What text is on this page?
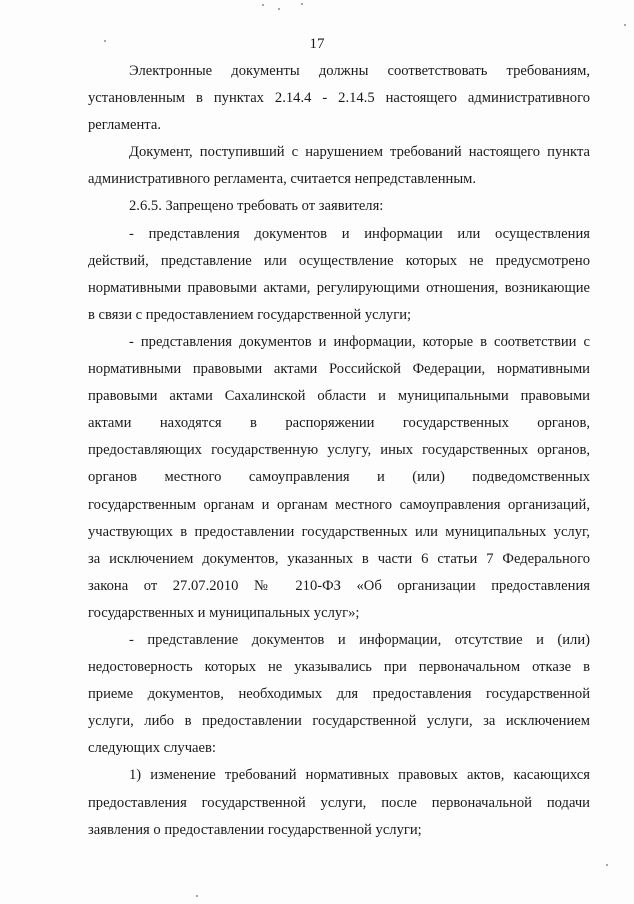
17

Электронные документы должны соответствовать требованиям,
установленным в пунктах 2.14.4 - 2.14.5 настоящего административного
регламента.

Документ, поступивший с нарушением требований настоящего пункта
административного регламента, считается непредставленным.

2.6.5. Запрещено требовать от заявителя:

- представления документов и информации или осуществления
действий, представление или осуществление которых не предусмотрено
нормативными правовыми актами, регулирующими отношения, возникающие
в связи с предоставлением государственной услуги;

- представления документов и информации, которые в соответствии с
нормативными правовыми актами Российской Федерации, нормативными
правовыми актами Сахалинской области и муниципальными правовыми
актами находятся в распоряжении государственных органов,
предоставляющих государственную услугу, иных государственных органов,
органов местного самоуправления и (или) подведомственных
государственным органам и органам местного самоуправления организаций,
участвующих в предоставлении государственных или муниципальных услуг,
за исключением документов, указанных в части 6 статьи 7 Федерального
закона от 27.07.2010 № 210-ФЗ «Об организации предоставления
государственных и муниципальных услуг»;

- представление документов и информации, отсутствие и (или)
недостоверность которых не указывались при первоначальном отказе в
приеме документов, необходимых для предоставления государственной
услуги, либо в предоставлении государственной услуги, за исключением
следующих случаев:

1) изменение требований нормативных правовых актов, касающихся
предоставления государственной услуги, после первоначальной подачи
заявления о предоставлении государственной услуги;
